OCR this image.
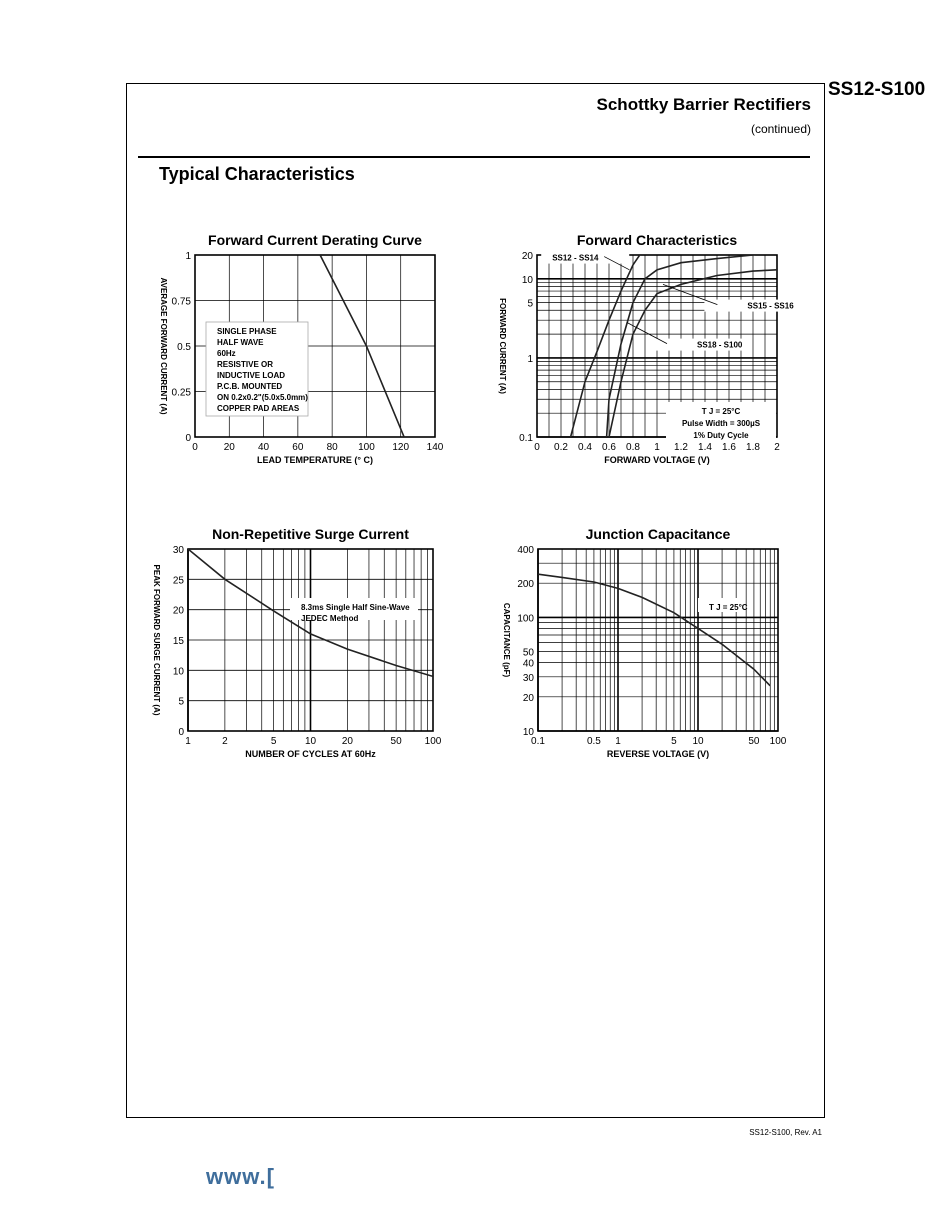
SS12-S100
Schottky Barrier Rectifiers
(continued)
Typical Characteristics
SS12-S100, Rev. A1
www.[
Forward Current Derating Curve
0	20 40 60 80 100 120 140
0
0.25
0.5
0.75
1
LEAD TEMPERATURE (° C)
AVERAGE FORWARD CURRENT (A)	SINGLE PHASE
HALF WAVE
60Hz
RESISTIVE OR
INDUCTIVE LOAD
P.C.B. MOUNTED
ON 0.2x0.2"(5.0x5.0mm)
COPPER PAD AREAS
Forward Characteristics
0 0.2 0.4 0.6 0.8 1 1.2 1.4 1.6 1.8 2
0.1
1
5
10
20
FORWARD VOLTAGE (V)
FORWARD CURRENT (A)
SS12 - SS14
SS15 - SS16
SS18 - S100
T J = 25°C
Pulse Width = 300µS
1% Duty Cycle
Non-Repetitive Surge Current
1	2	5	10	20	50 100
0
5
10
15
20
25
30
NUMBER OF CYCLES AT 60Hz
PEAK FORWARD SURGE CURRENT (A)	8.3ms Single Half Sine-Wave
JEDEC Method
Junction Capacitance
0.1	0.5 1	5 10	50 100
10
20
30
40
50
100
200
400
REVERSE VOLTAGE (V)
CAPACITANCE (pF)	T J = 25°C
